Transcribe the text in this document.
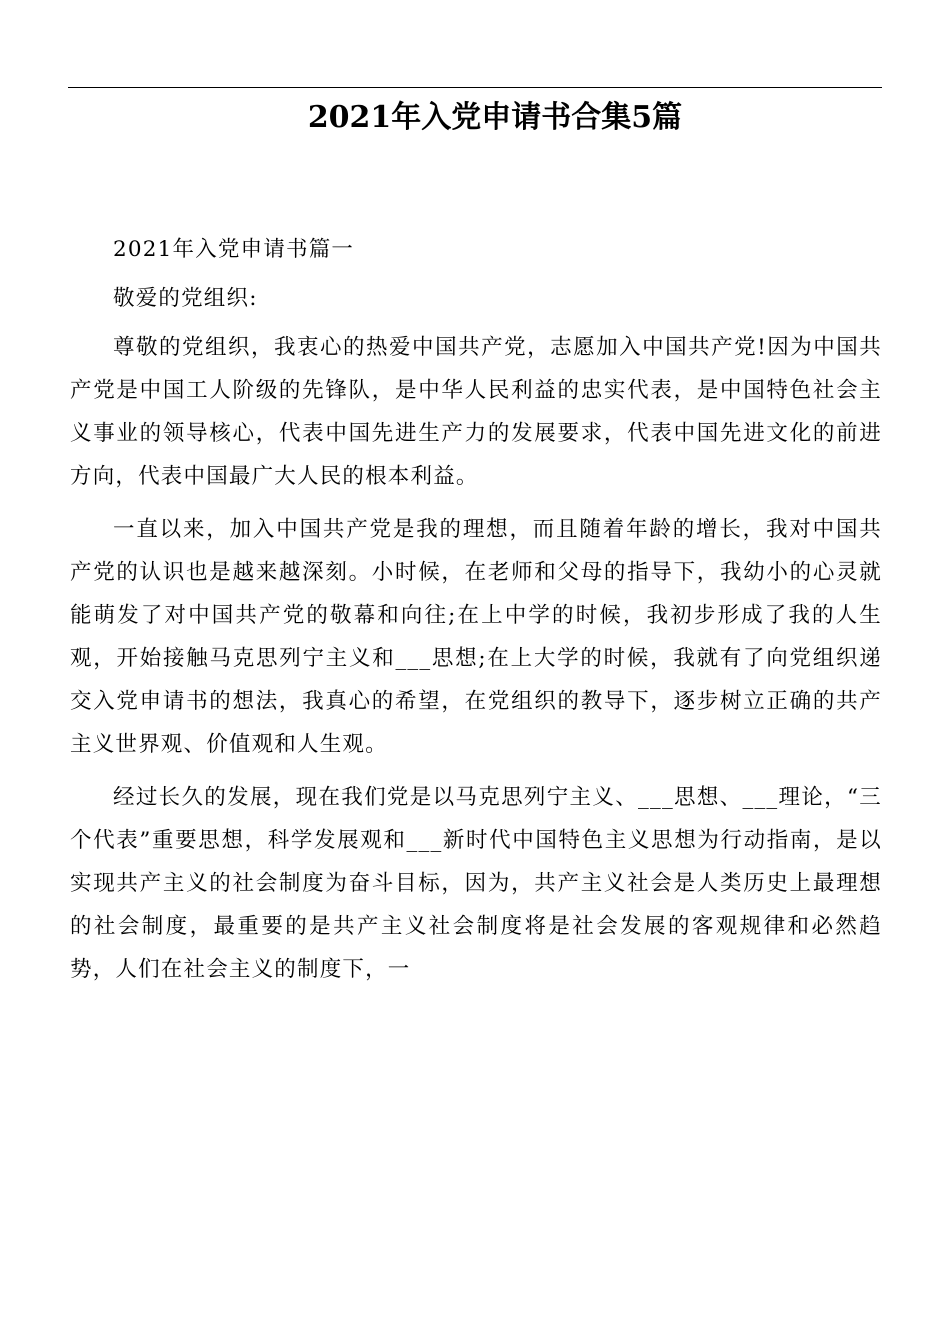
2021年入党申请书合集5篇

2021年入党申请书篇一

敬爱的党组织:

尊敬的党组织，我衷心的热爱中国共产党，志愿加入中国共产党!因为中国共产党是中国工人阶级的先锋队，是中华人民利益的忠实代表，是中国特色社会主义事业的领导核心，代表中国先进生产力的发展要求，代表中国先进文化的前进方向，代表中国最广大人民的根本利益。

一直以来，加入中国共产党是我的理想，而且随着年龄的增长，我对中国共产党的认识也是越来越深刻。小时候，在老师和父母的指导下，我幼小的心灵就能萌发了对中国共产党的敬幕和向往;在上中学的时候，我初步形成了我的人生观，开始接触马克思列宁主义和___思想;在上大学的时候，我就有了向党组织递交入党申请书的想法，我真心的希望，在党组织的教导下，逐步树立正确的共产主义世界观、价值观和人生观。

经过长久的发展，现在我们党是以马克思列宁主义、___思想、___理论，“三个代表”重要思想，科学发展观和___新时代中国特色主义思想为行动指南，是以实现共产主义的社会制度为奋斗目标，因为，共产主义社会是人类历史上最理想的社会制度，最重要的是共产主义社会制度将是社会发展的客观规律和必然趋势，人们在社会主义的制度下，一
